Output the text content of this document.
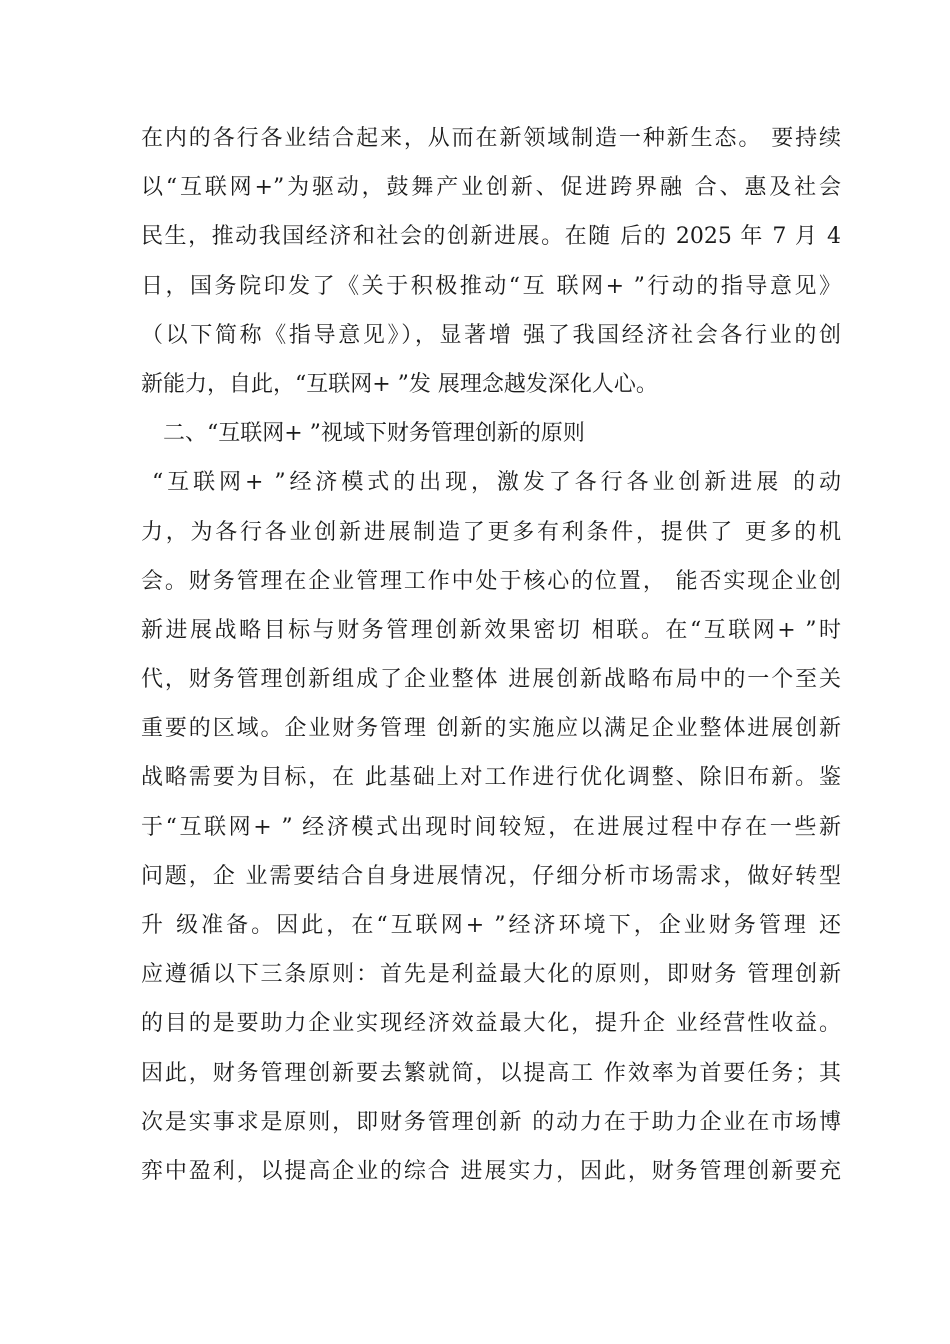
在内的各行各业结合起来，从而在新领域制造一种新生态。 要持续
以“互联网+”为驱动，鼓舞产业创新、促进跨界融 合、惠及社会
民生，推动我国经济和社会的创新进展。在随 后的 2025 年 7 月 4
日，国务院印发了《关于积极推动“互 联网+ ”行动的指导意见》
（以下简称《指导意见》），显著增 强了我国经济社会各行业的创
新能力，自此，“互联网+ ”发 展理念越发深化人心。
二、“互联网+ ”视域下财务管理创新的原则
“互联网+ ”经济模式的出现，激发了各行各业创新进展 的动
力，为各行各业创新进展制造了更多有利条件，提供了 更多的机
会。财务管理在企业管理工作中处于核心的位置， 能否实现企业创
新进展战略目标与财务管理创新效果密切 相联。在“互联网+ ”时
代，财务管理创新组成了企业整体 进展创新战略布局中的一个至关
重要的区域。企业财务管理 创新的实施应以满足企业整体进展创新
战略需要为目标，在 此基础上对工作进行优化调整、除旧布新。鉴
于“互联网+ ” 经济模式出现时间较短，在进展过程中存在一些新
问题，企 业需要结合自身进展情况，仔细分析市场需求，做好转型
升 级准备。因此，在“互联网+ ”经济环境下，企业财务管理 还
应遵循以下三条原则：首先是利益最大化的原则，即财务 管理创新
的目的是要助力企业实现经济效益最大化，提升企 业经营性收益。
因此，财务管理创新要去繁就简，以提高工 作效率为首要任务；其
次是实事求是原则，即财务管理创新 的动力在于助力企业在市场博
弈中盈利，以提高企业的综合 进展实力，因此，财务管理创新要充
